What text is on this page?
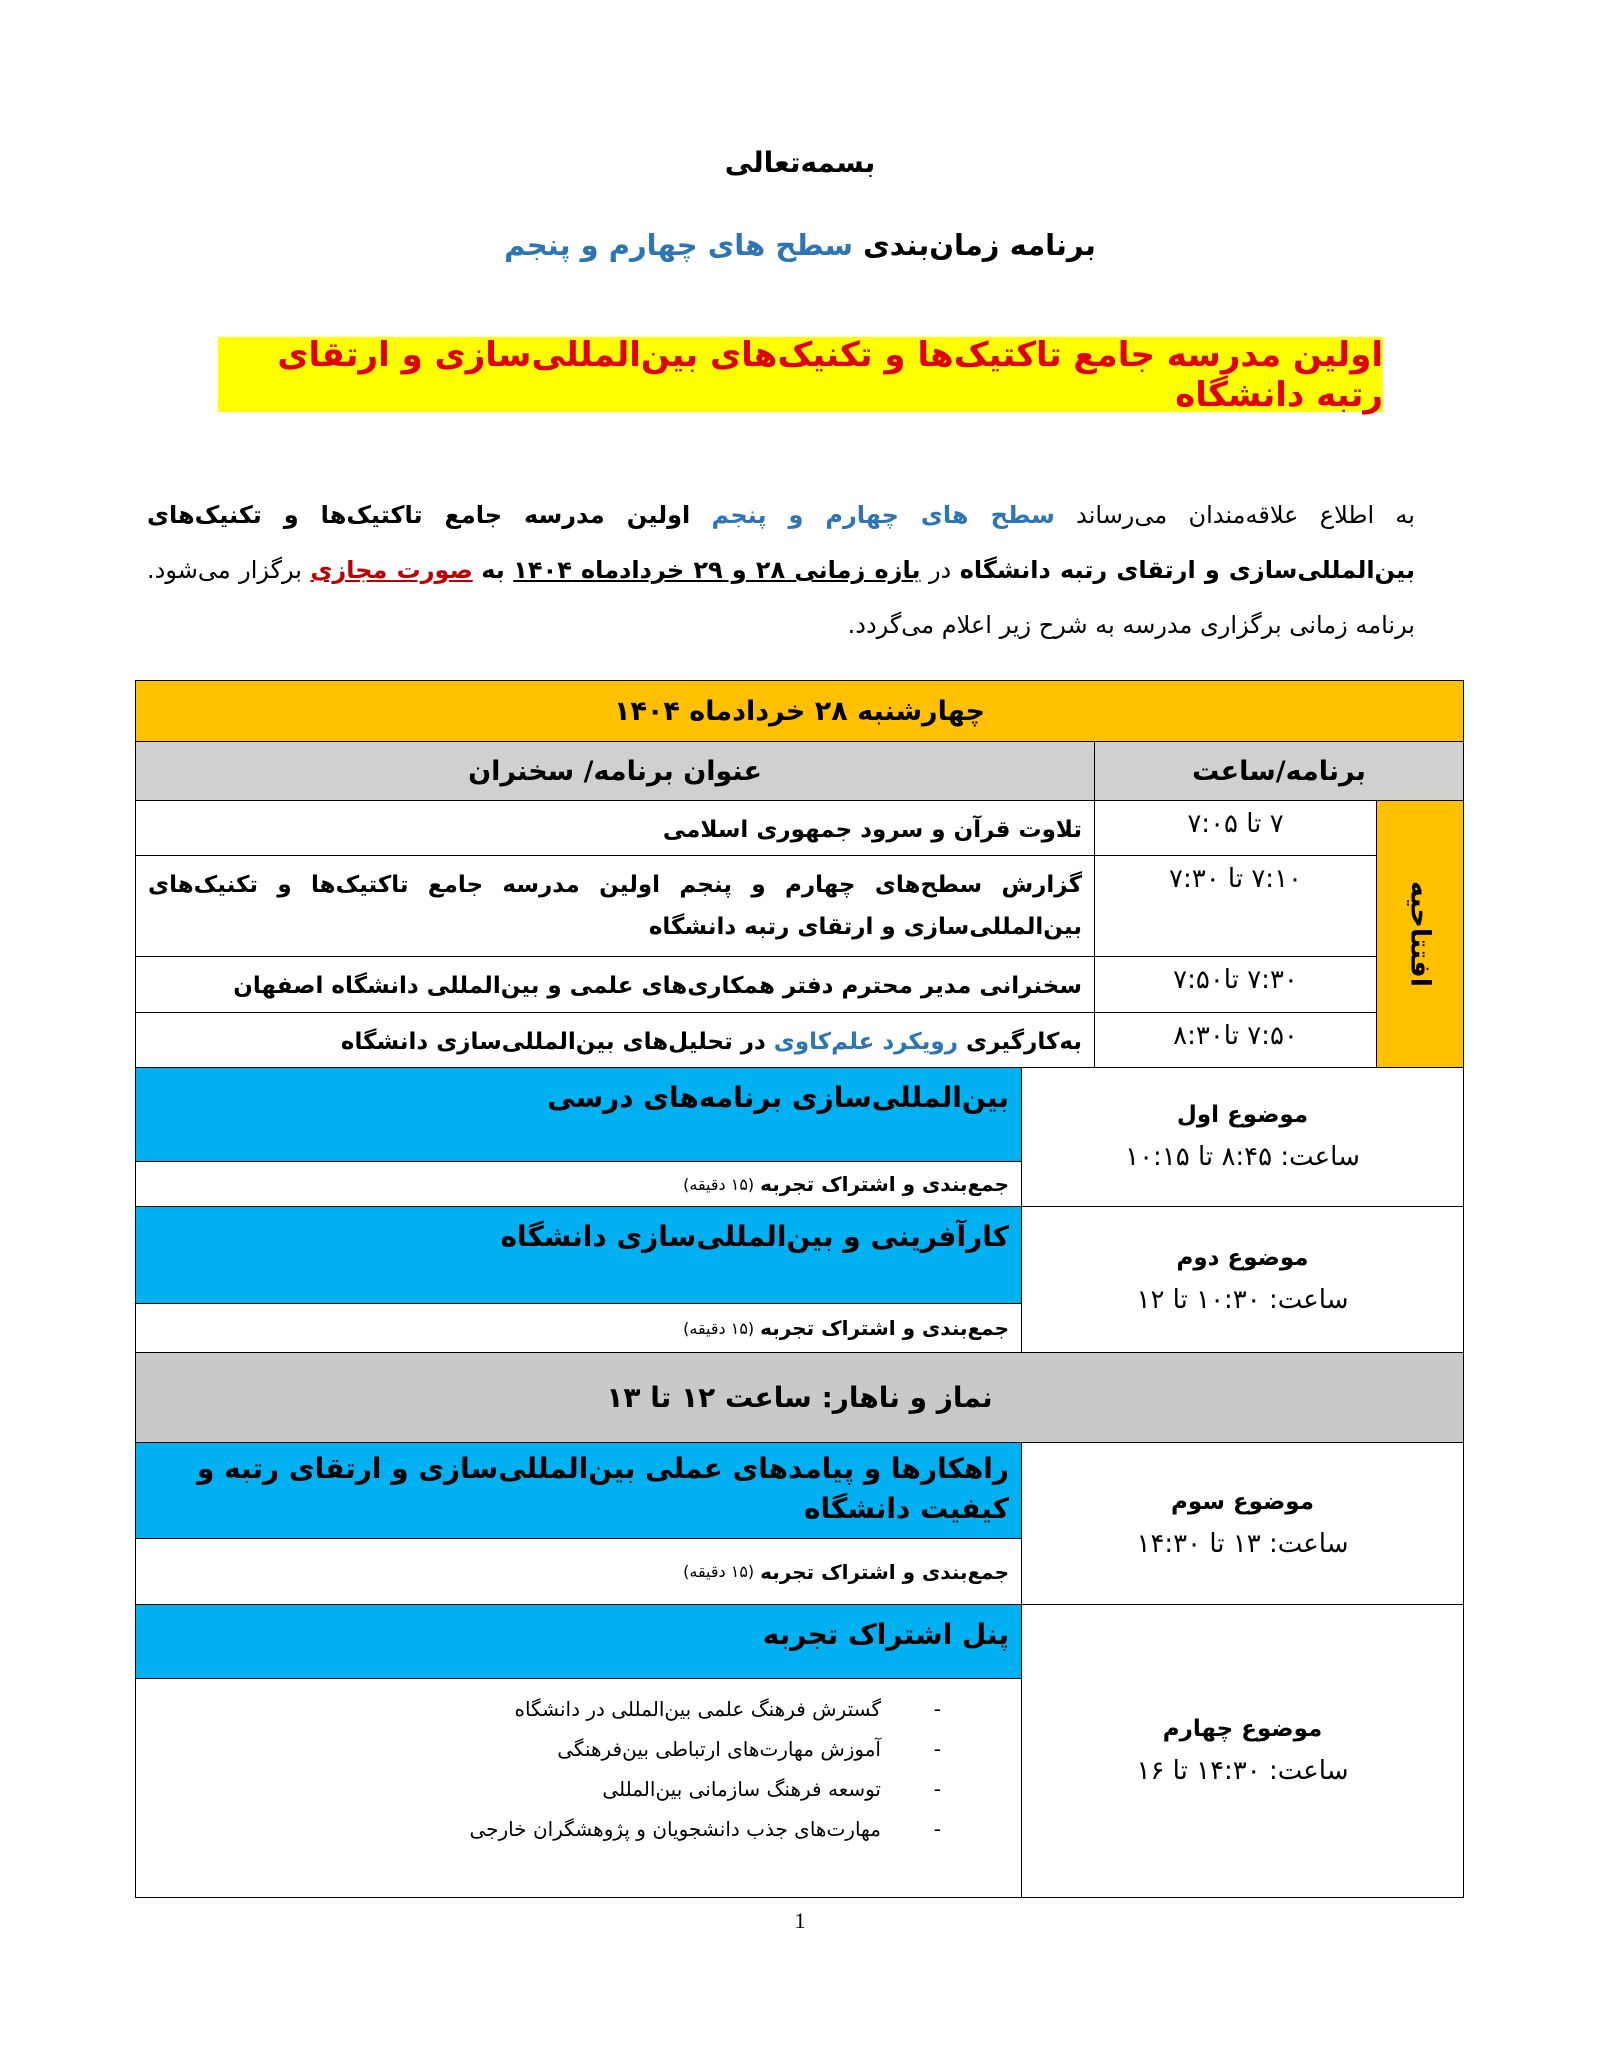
بسمه‌تعالی
برنامه زمان‌بندی سطح های چهارم و پنجم
اولین مدرسه جامع تاکتیک‌ها و تکنیک‌های بین‌المللی‌سازی و ارتقای رتبه دانشگاه
به اطلاع علاقه‌مندان می‌رساند سطح های چهارم و پنجم اولین مدرسه جامع تاکتیک‌ها و تکنیک‌های بین‌المللی‌سازی و ارتقای رتبه دانشگاه در بازه زمانی ۲۸ و ۲۹ خردادماه ۱۴۰۴ به صورت مجازی برگزار می‌شود. برنامه زمانی برگزاری مدرسه به شرح زیر اعلام می‌گردد.
چهارشنبه ۲۸ خردادماه ۱۴۰۴
برنامه/ساعت
عنوان برنامه/ سخنران
افتتاحیه
۷ تا ۷:۰۵
تلاوت قرآن و سرود جمهوری اسلامی
۷:۱۰ تا ۷:۳۰
گزارش سطح‌های چهارم و پنجم اولین مدرسه جامع تاکتیک‌ها و تکنیک‌های بین‌المللی‌سازی و ارتقای رتبه دانشگاه
۷:۳۰ تا۷:۵۰
سخنرانی مدیر محترم دفتر همکاری‌های علمی و بین‌المللی دانشگاه اصفهان
۷:۵۰ تا۸:۳۰
به‌کارگیری رویکرد علم‌کاوی در تحلیل‌های بین‌المللی‌سازی دانشگاه
موضوع اول
ساعت: ۸:۴۵ تا ۱۰:۱۵
بین‌المللی‌سازی برنامه‌های درسی
جمع‌بندی و اشتراک تجربه
(۱۵ دقیقه)
موضوع دوم
ساعت: ۱۰:۳۰ تا ۱۲
کارآفرینی و بین‌المللی‌سازی دانشگاه
جمع‌بندی و اشتراک تجربه
(۱۵ دقیقه)
نماز و ناهار: ساعت ۱۲ تا ۱۳
موضوع سوم
ساعت: ۱۳ تا ۱۴:۳۰
راهکارها و پیامدهای عملی بین‌المللی‌سازی و ارتقای رتبه و کیفیت دانشگاه
جمع‌بندی و اشتراک تجربه
(۱۵ دقیقه)
موضوع چهارم
ساعت: ۱۴:۳۰ تا ۱۶
پنل اشتراک تجربه
- گسترش فرهنگ علمی بین‌المللی در دانشگاه
- آموزش مهارت‌های ارتباطی بین‌فرهنگی
- توسعه فرهنگ سازمانی بین‌المللی
- مهارت‌های جذب دانشجویان و پژوهشگران خارجی
1
